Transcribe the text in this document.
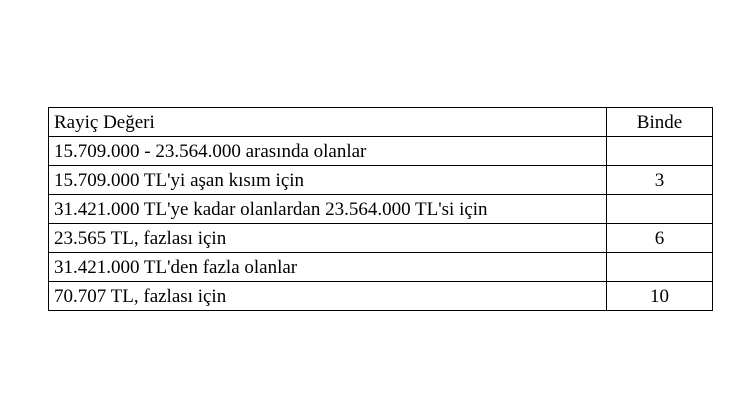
Rayiç Değeri	Binde
15.709.000 - 23.564.000 arasında olanlar	
15.709.000 TL'yi aşan kısım için	3
31.421.000 TL'ye kadar olanlardan 23.564.000 TL'si için	
23.565 TL, fazlası için	6
31.421.000 TL'den fazla olanlar	
70.707 TL, fazlası için	10
